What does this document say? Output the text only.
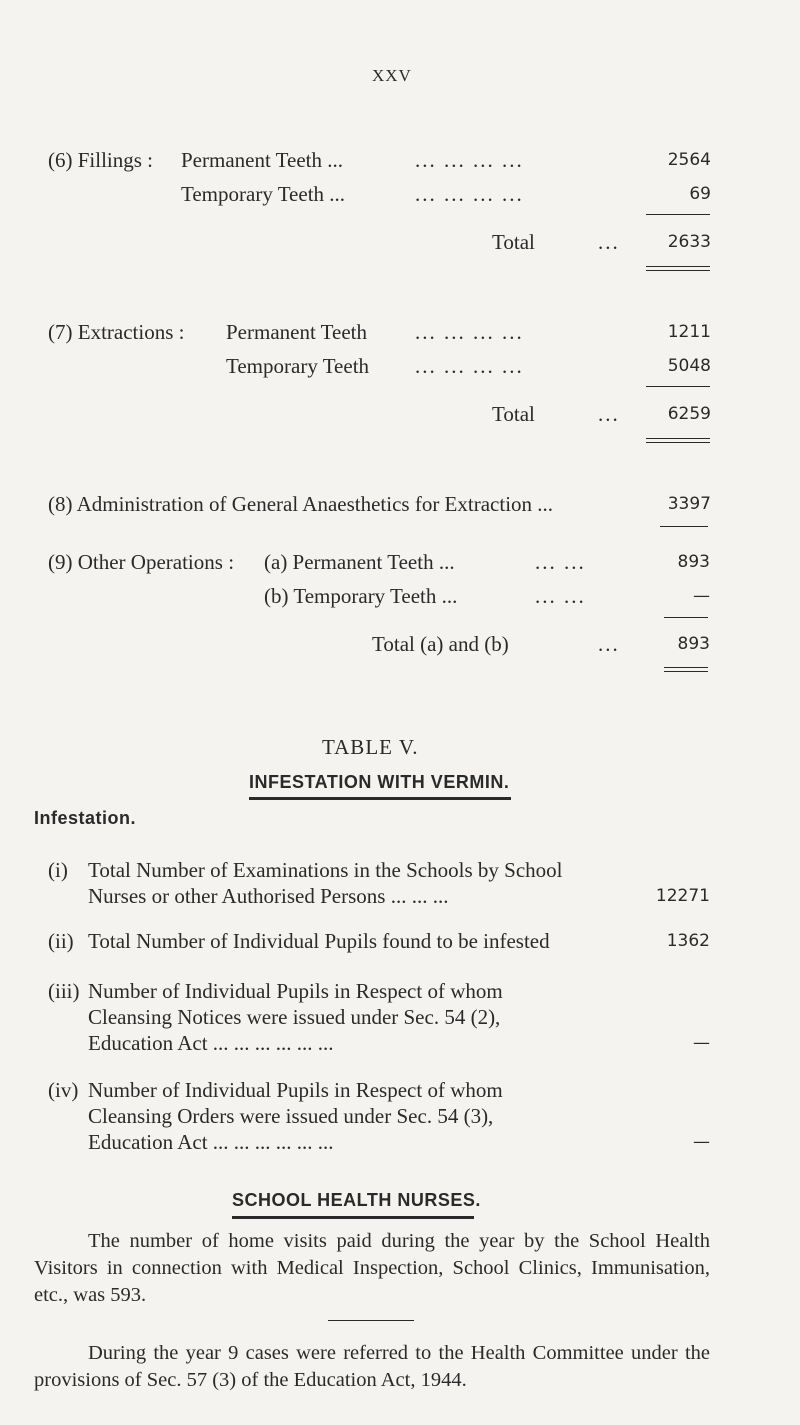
XXV
(6) Fillings : Permanent Teeth ...	... ... ... ...	2564
Temporary Teeth ...	... ... ... ...	69
Total	...	2633
(7) Extractions : Permanent Teeth ... ... ... ...	1211
Temporary Teeth ... ... ... ...	5048
Total	...	6259
(8) Administration of General Anaesthetics for Extraction ...	3397
(9) Other Operations : (a) Permanent Teeth ...	... ...	893
(b) Temporary Teeth ...	... ...	—
Total (a) and (b)	...	893
TABLE V.
INFESTATION WITH VERMIN.
Infestation.
(i) Total Number of Examinations in the Schools by School
Nurses or other Authorised Persons ... ... ...	12271
(ii) Total Number of Individual Pupils found to be infested	1362
(iii) Number of Individual Pupils in Respect of whom
Cleansing Notices were issued under Sec. 54 (2),
Education Act ... ... ... ... ... ...	—
(iv) Number of Individual Pupils in Respect of whom
Cleansing Orders were issued under Sec. 54 (3),
Education Act ... ... ... ... ... ...	—
SCHOOL HEALTH NURSES.
The number of home visits paid during the year by the School Health Visitors in connection with Medical Inspection, School Clinics, Immunisation, etc., was 593.
During the year 9 cases were referred to the Health Committee under the provisions of Sec. 57 (3) of the Education Act, 1944.
